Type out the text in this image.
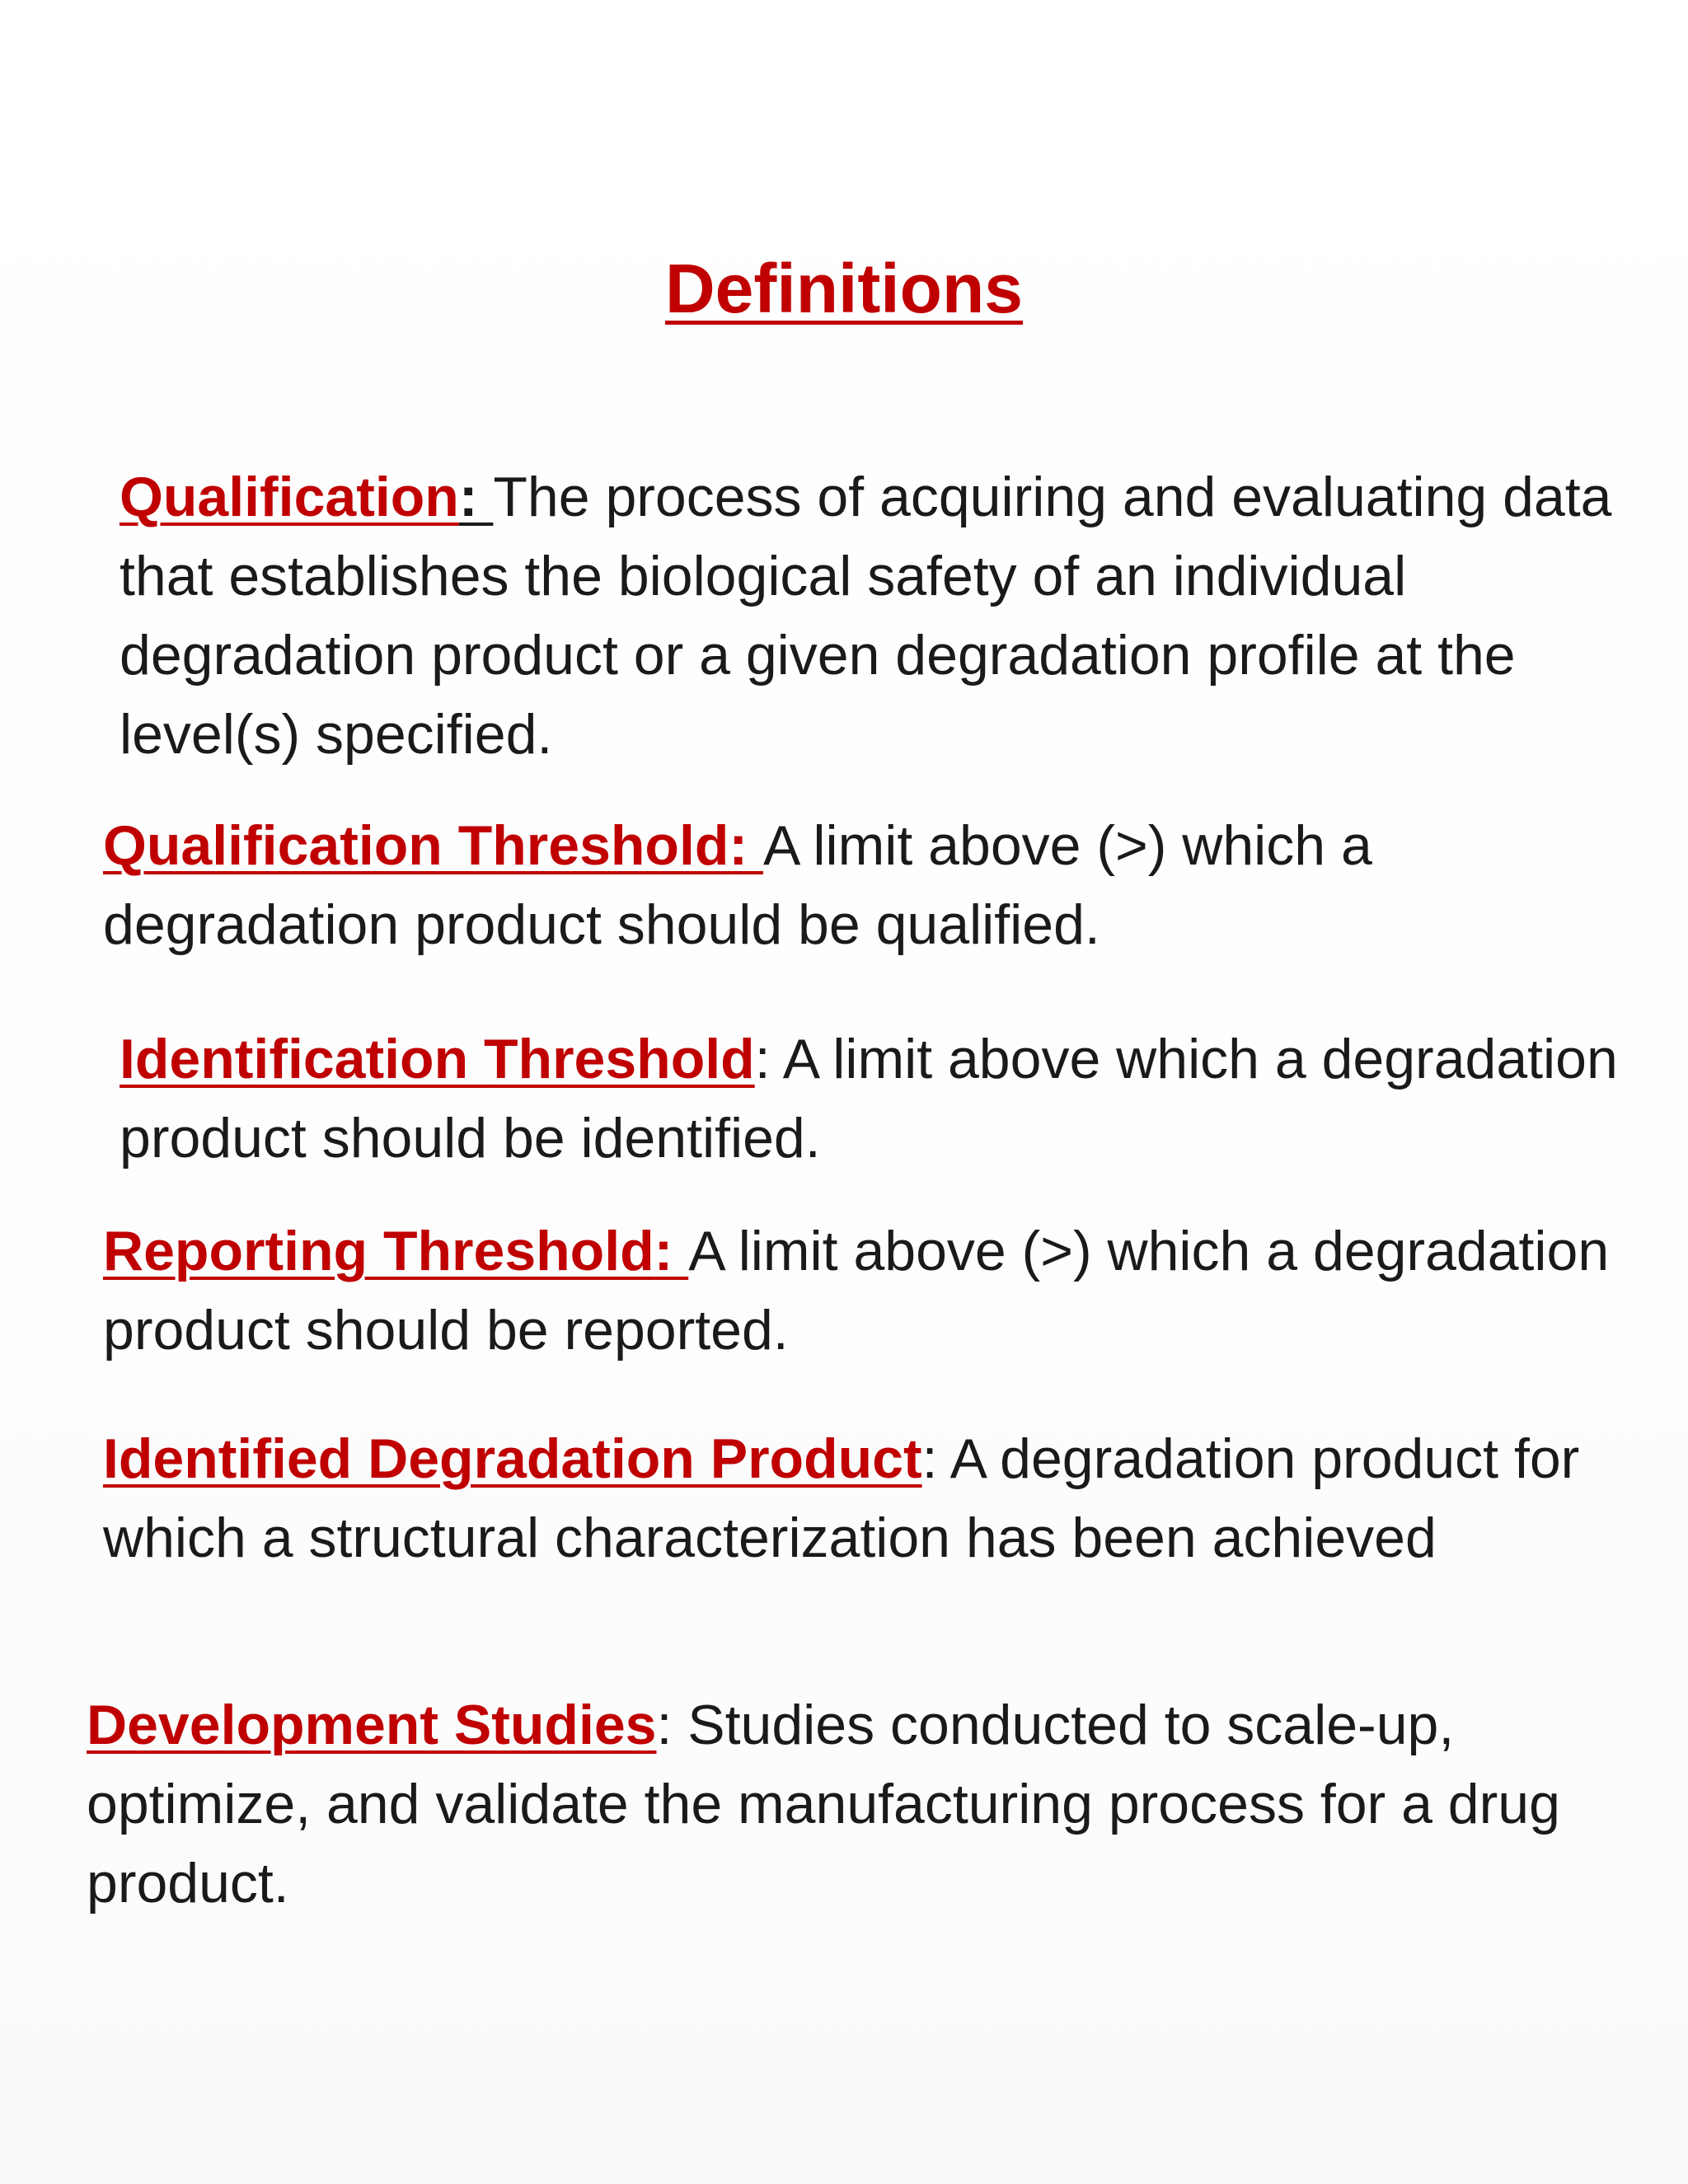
Definitions

Qualification: The process of acquiring and evaluating data that establishes the biological safety of an individual degradation product or a given degradation profile at the level(s) specified.

Qualification Threshold: A limit above (>) which a degradation product should be qualified.

Identification Threshold: A limit above which a degradation product should be identified.

Reporting Threshold: A limit above (>) which a degradation product should be reported.

Identified Degradation Product: A degradation product for which a structural characterization has been achieved

Development Studies: Studies conducted to scale-up, optimize, and validate the manufacturing process for a drug product.
